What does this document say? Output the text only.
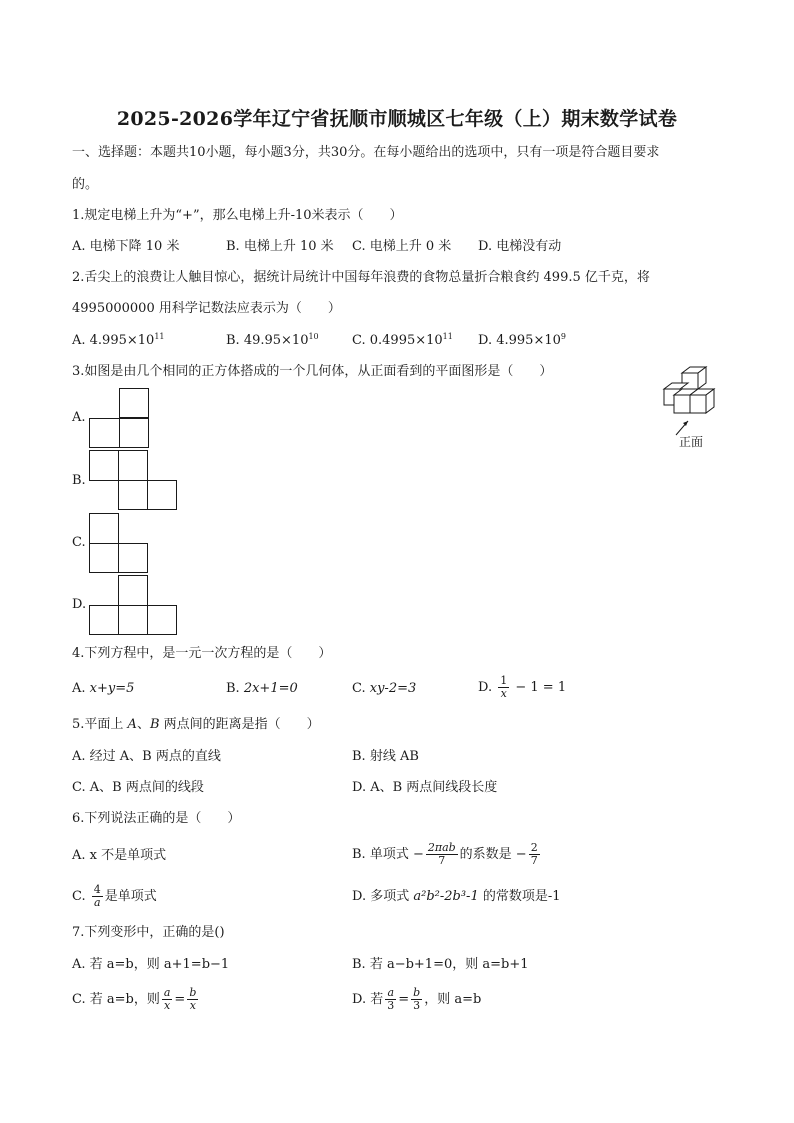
2025-2026学年辽宁省抚顺市顺城区七年级（上）期末数学试卷
一、选择题：本题共10小题，每小题3分，共30分。在每小题给出的选项中，只有一项是符合题目要求
的。
1.规定电梯上升为“+”，那么电梯上升-10米表示（　　）
A. 电梯下降 10 米	B. 电梯上升 10 米 C. 电梯上升 0 米 D. 电梯没有动
2.舌尖上的浪费让人触目惊心，据统计局统计中国每年浪费的食物总量折合粮食约 499.5 亿千克，将
4995000000 用科学记数法应表示为（　　）
A. $4.995\times 10^{11}$	B. $49.95\times 10^{10}$	C. $0.4995\times 10^{11}$ D. $4.995\times 10^9$
3.如图是由几个相同的正方体搭成的一个几何体，从正面看到的平面图形是（　　）
正面
A.
B.
C.
D.
4.下列方程中，是一元一次方程的是（　　）
A. x+y=5	B. 2x+1=0	C. xy-2=3	D. $\frac{1}{x} - 1 = 1$
5.平面上 A、B 两点间的距离是指（　　）
A. 经过 A、B 两点的直线	B. 射线 AB
C. A、B 两点间的线段	D. A、B 两点间线段长度
6.下列说法正确的是（　　）
A. x 不是单项式	B. 单项式 − $\frac{\text{2πab}}{7}$ 的系数是 − $\frac{2}{7}$
C. $\frac{4}{a}$ 是单项式	D. 多项式 a²b²-2b³-1 的常数项是-1
7.下列变形中，正确的是()
A. 若 a=b，则 a+1=b−1	B. 若 a−b+1=0，则 a=b+1
C. 若 a=b，则 $\frac{a}{x} = \frac{b}{x}$	D. 若 $\frac{a}{3} = \frac{b}{3}$ ，则 a=b
